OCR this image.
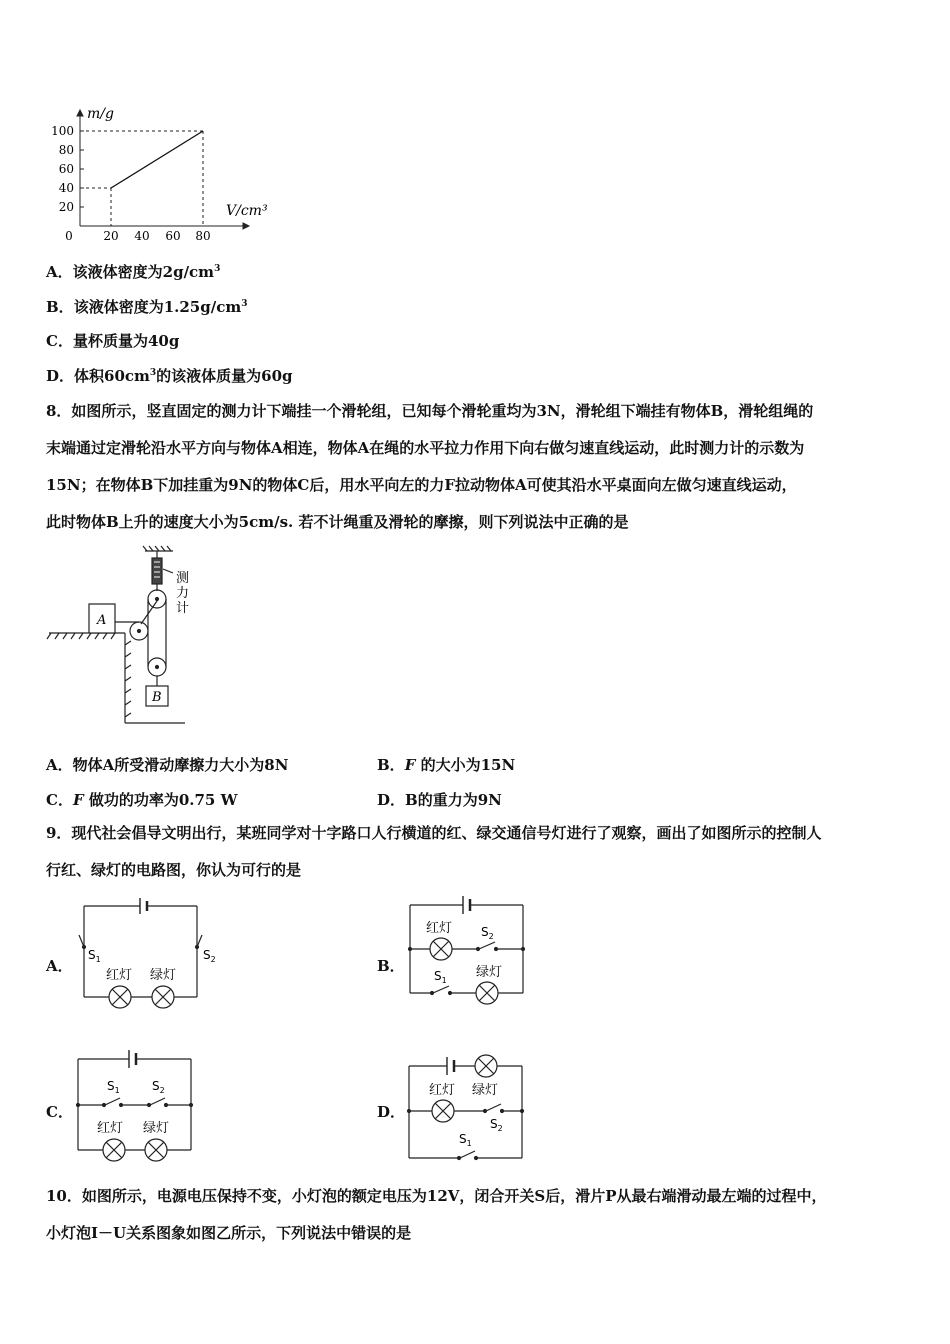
m/g
V/cm³
100
80
60
40
20
0	20 40 60 80
A．该液体密度为$2g/cm^3$
B．该液体密度为$1.25g/cm^3$
C．量杯质量为40g
D．体积$60cm^3$的该液体质量为60g
8．如图所示，竖直固定的测力计下端挂一个滑轮组，已知每个滑轮重均为3N，滑轮组下端挂有物体B，滑轮组绳的
末端通过定滑轮沿水平方向与物体A相连，物体A在绳的水平拉力作用下向右做匀速直线运动，此时测力计的示数为
15N；在物体B下加挂重为9N的物体C后，用水平向左的力F拉动物体A可使其沿水平桌面向左做匀速直线运动，
此时物体B上升的速度大小为5cm/s. 若不计绳重及滑轮的摩擦，则下列说法中正确的是
A
B
测
力
计
A．物体A所受滑动摩擦力大小为8N	B．F 的大小为15N
C．F 做功的功率为0.75 W	D．B的重力为9N
9．现代社会倡导文明出行，某班同学对十字路口人行横道的红、绿交通信号灯进行了观察，画出了如图所示的控制人
行红、绿灯的电路图，你认为可行的是
A．	B．
C．	D．
$S_1$	$S_2$
红灯 绿灯
红灯 $S_2$
$S_1$
绿灯
$S_1$	$S_2$
红灯 绿灯
红灯 绿灯
$S_2$
$S_1$
10．如图所示，电源电压保持不变，小灯泡的额定电压为12V，闭合开关S后，滑片P从最右端滑动最左端的过程中，
小灯泡I－U关系图象如图乙所示，下列说法中错误的是
